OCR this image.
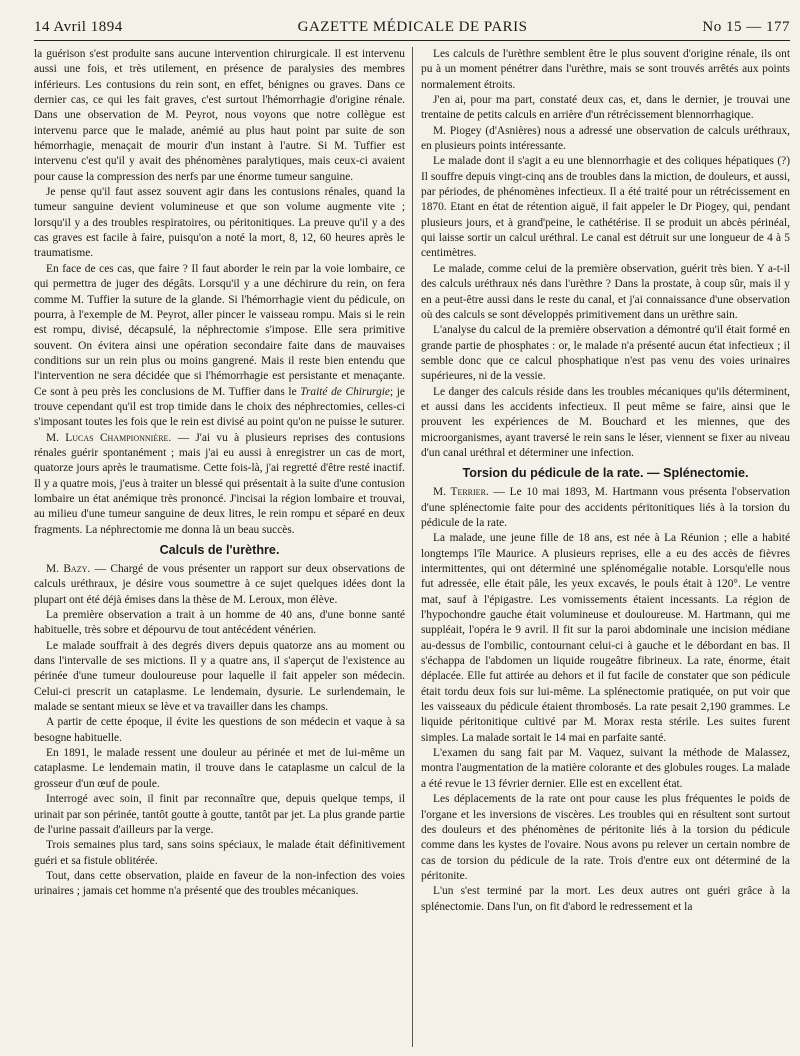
14 Avril 1894	GAZETTE MÉDICALE DE PARIS	No 15 — 177

la guérison s'est produite sans aucune intervention chirurgicale. Il est intervenu aussi une fois, et très utilement, en présence de paralysies des membres inférieurs. Les contusions du rein sont, en effet, bénignes ou graves. Dans ce dernier cas, ce qui les fait graves, c'est surtout l'hémorrhagie d'origine rénale. Dans une observation de M. Peyrot, nous voyons que notre collègue est intervenu parce que le malade, anémié au plus haut point par suite de son hémorrhagie, menaçait de mourir d'un instant à l'autre. Si M. Tuffier est intervenu c'est qu'il y avait des phénomènes paralytiques, mais ceux-ci avaient pour cause la compression des nerfs par une énorme tumeur sanguine.

Je pense qu'il faut assez souvent agir dans les contusions rénales, quand la tumeur sanguine devient volumineuse et que son volume augmente vite ; lorsqu'il y a des troubles respiratoires, ou péritonitiques. La preuve qu'il y a des cas graves est facile à faire, puisqu'on a noté la mort, 8, 12, 60 heures après le traumatisme.

En face de ces cas, que faire ? Il faut aborder le rein par la voie lombaire, ce qui permettra de juger des dégâts. Lorsqu'il y a une déchirure du rein, on fera comme M. Tuffier la suture de la glande. Si l'hémorrhagie vient du pédicule, on pourra, à l'exemple de M. Peyrot, aller pincer le vaisseau rompu. Mais si le rein est rompu, divisé, décapsulé, la néphrectomie s'impose. Elle sera primitive souvent. On évitera ainsi une opération secondaire faite dans de mauvaises conditions sur un rein plus ou moins gangrené. Mais il reste bien entendu que l'intervention ne sera décidée que si l'hémorrhagie est persistante et menaçante. Ce sont à peu près les conclusions de M. Tuffier dans le Traité de Chirurgie; je trouve cependant qu'il est trop timide dans le choix des néphrectomies, celles-ci s'imposant toutes les fois que le rein est divisé au point qu'on ne puisse le suturer.

M. Lucas Championnière. — J'ai vu à plusieurs reprises des contusions rénales guérir spontanément ; mais j'ai eu aussi à enregistrer un cas de mort, quatorze jours après le traumatisme. Cette fois-là, j'ai regretté d'être resté inactif. Il y a quatre mois, j'eus à traiter un blessé qui présentait à la suite d'une contusion lombaire un état anémique très prononcé. J'incisai la région lombaire et trouvai, au milieu d'une tumeur sanguine de deux litres, le rein rompu et séparé en deux fragments. La néphrectomie me donna là un beau succès.

Calculs de l'urèthre.

M. Bazy. — Chargé de vous présenter un rapport sur deux observations de calculs uréthraux, je désire vous soumettre à ce sujet quelques idées dont la plupart ont été déjà émises dans la thèse de M. Leroux, mon élève.

La première observation a trait à un homme de 40 ans, d'une bonne santé habituelle, très sobre et dépourvu de tout antécédent vénérien.

Le malade souffrait à des degrés divers depuis quatorze ans au moment ou dans l'intervalle de ses mictions. Il y a quatre ans, il s'aperçut de l'existence au périnée d'une tumeur douloureuse pour laquelle il fait appeler son médecin. Celui-ci prescrit un cataplasme. Le lendemain, dysurie. Le surlendemain, le malade se sentant mieux se lève et va travailler dans les champs.

A partir de cette époque, il évite les questions de son médecin et vaque à sa besogne habituelle.

En 1891, le malade ressent une douleur au périnée et met de lui-même un cataplasme. Le lendemain matin, il trouve dans le cataplasme un calcul de la grosseur d'un œuf de poule.

Interrogé avec soin, il finit par reconnaître que, depuis quelque temps, il urinait par son périnée, tantôt goutte à goutte, tantôt par jet. La plus grande partie de l'urine passait d'ailleurs par la verge.

Trois semaines plus tard, sans soins spéciaux, le malade était définitivement guéri et sa fistule oblitérée.

Tout, dans cette observation, plaide en faveur de la non-infection des voies urinaires ; jamais cet homme n'a présenté que des troubles mécaniques.

Les calculs de l'urèthre semblent être le plus souvent d'origine rénale, ils ont pu à un moment pénétrer dans l'urèthre, mais se sont trouvés arrêtés aux points normalement étroits.

J'en ai, pour ma part, constaté deux cas, et, dans le dernier, je trouvai une trentaine de petits calculs en arrière d'un rétrécissement blennorrhagique.

M. Piogey (d'Asnières) nous a adressé une observation de calculs uréthraux, en plusieurs points intéressante.

Le malade dont il s'agit a eu une blennorrhagie et des coliques hépatiques (?) Il souffre depuis vingt-cinq ans de troubles dans la miction, de douleurs, et aussi, par périodes, de phénomènes infectieux. Il a été traité pour un rétrécissement en 1870. Etant en état de rétention aiguë, il fait appeler le Dr Piogey, qui, pendant plusieurs jours, et à grand'peine, le cathétérise. Il se produit un abcès périnéal, qui laisse sortir un calcul uréthral. Le canal est détruit sur une longueur de 4 à 5 centimètres.

Le malade, comme celui de la première observation, guérit très bien. Y a-t-il des calculs uréthraux nés dans l'urèthre ? Dans la prostate, à coup sûr, mais il y en a peut-être aussi dans le reste du canal, et j'ai connaissance d'une observation où des calculs se sont développés primitivement dans un urèthre sain.

L'analyse du calcul de la première observation a démontré qu'il était formé en grande partie de phosphates : or, le malade n'a présenté aucun état infectieux ; il semble donc que ce calcul phosphatique n'est pas venu des voies urinaires supérieures, ni de la vessie.

Le danger des calculs réside dans les troubles mécaniques qu'ils déterminent, et aussi dans les accidents infectieux. Il peut même se faire, ainsi que le prouvent les expériences de M. Bouchard et les miennes, que des microorganismes, ayant traversé le rein sans le léser, viennent se fixer au niveau d'un canal uréthral et déterminer une infection.

Torsion du pédicule de la rate. — Splénectomie.

M. Terrier. — Le 10 mai 1893, M. Hartmann vous présenta l'observation d'une splénectomie faite pour des accidents péritonitiques liés à la torsion du pédicule de la rate.

La malade, une jeune fille de 18 ans, est née à La Réunion ; elle a habité longtemps l'île Maurice. A plusieurs reprises, elle a eu des accès de fièvres intermittentes, qui ont déterminé une splénomégalie notable. Lorsqu'elle nous fut adressée, elle était pâle, les yeux excavés, le pouls était à 120°. Le ventre mat, sauf à l'épigastre. Les vomissements étaient incessants. La région de l'hypochondre gauche était volumineuse et douloureuse. M. Hartmann, qui me suppléait, l'opéra le 9 avril. Il fit sur la paroi abdominale une incision médiane au-dessus de l'ombilic, contournant celui-ci à gauche et le débordant en bas. Il s'échappa de l'abdomen un liquide rougeâtre fibrineux. La rate, énorme, était déplacée. Elle fut attirée au dehors et il fut facile de constater que son pédicule était tordu deux fois sur lui-même. La splénectomie pratiquée, on put voir que les vaisseaux du pédicule étaient thrombosés. La rate pesait 2,190 grammes. Le liquide péritonitique cultivé par M. Morax resta stérile. Les suites furent simples. La malade sortait le 14 mai en parfaite santé.

L'examen du sang fait par M. Vaquez, suivant la méthode de Malassez, montra l'augmentation de la matière colorante et des globules rouges. La malade a été revue le 13 février dernier. Elle est en excellent état.

Les déplacements de la rate ont pour cause les plus fréquentes le poids de l'organe et les inversions de viscères. Les troubles qui en résultent sont surtout des douleurs et des phénomènes de péritonite liés à la torsion du pédicule comme dans les kystes de l'ovaire. Nous avons pu relever un certain nombre de cas de torsion du pédicule de la rate. Trois d'entre eux ont déterminé de la péritonite.

L'un s'est terminé par la mort. Les deux autres ont guéri grâce à la splénectomie. Dans l'un, on fit d'abord le redressement et la
